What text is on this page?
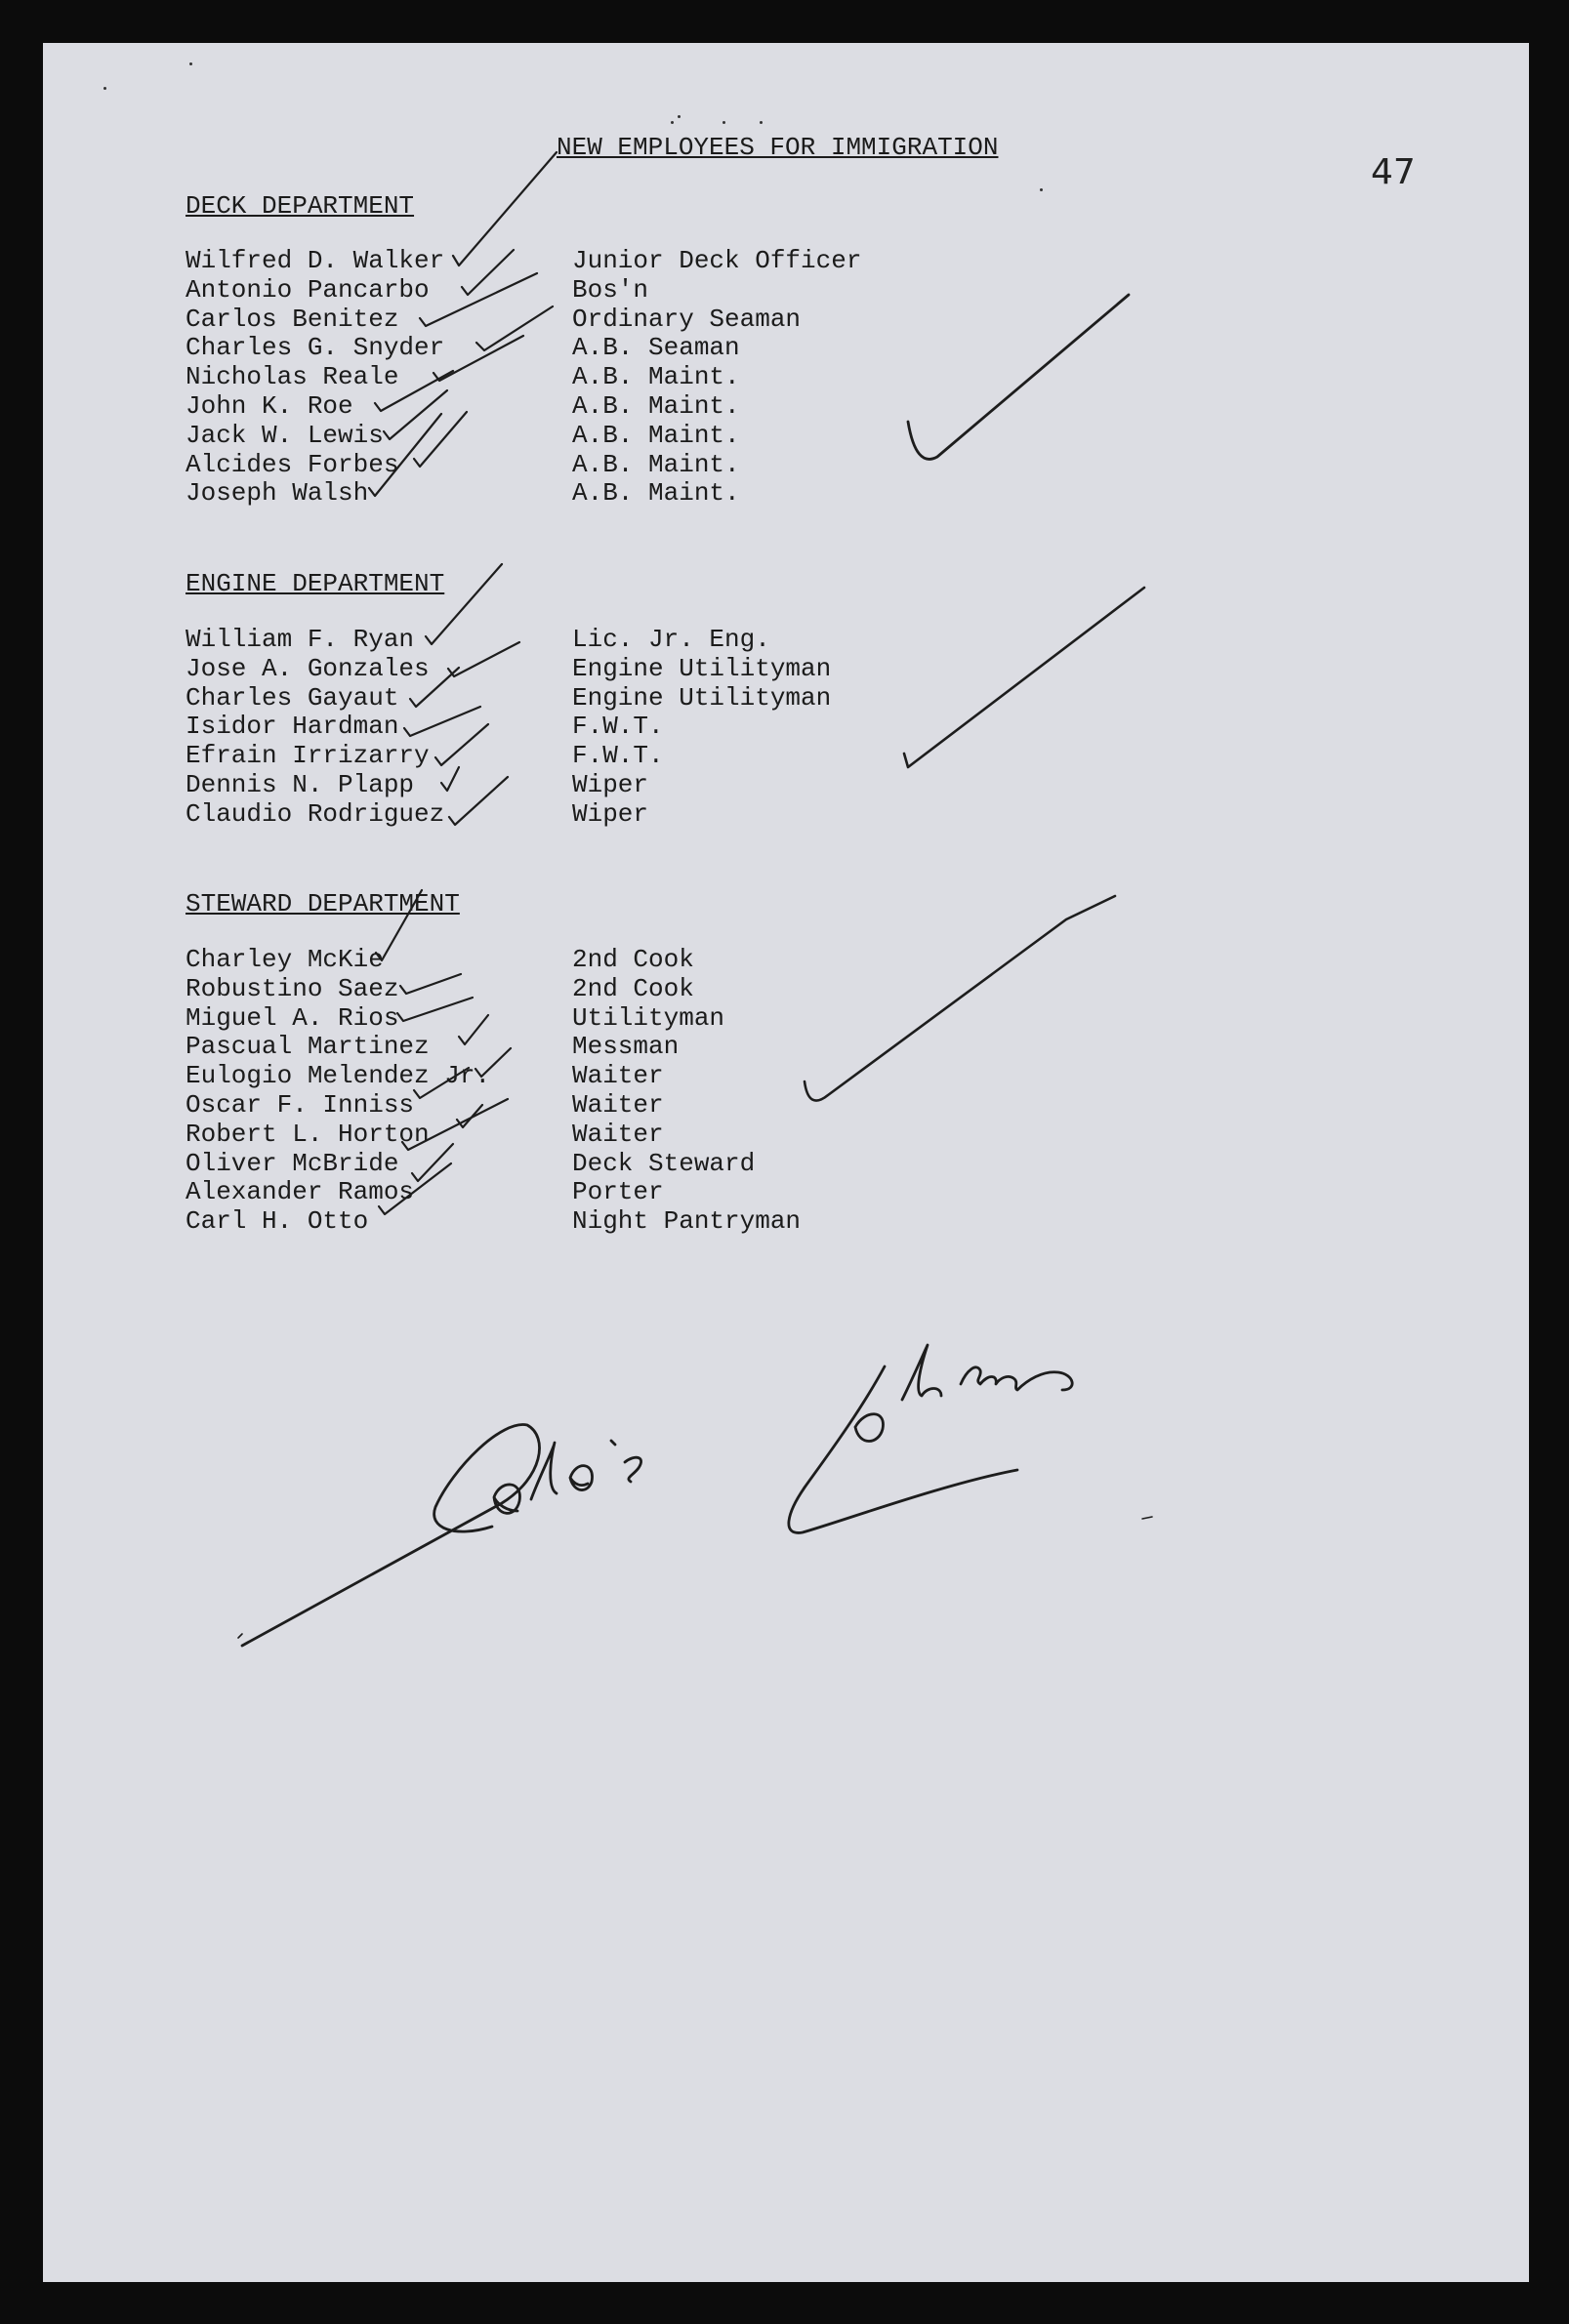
NEW EMPLOYEES FOR IMMIGRATION
47
DECK DEPARTMENT
Wilfred D. Walker
Antonio Pancarbo
Carlos Benitez
Charles G. Snyder
Nicholas Reale
John K. Roe
Jack W. Lewis
Alcides Forbes
Joseph Walsh
Junior Deck Officer
Bos'n
Ordinary Seaman
A.B. Seaman
A.B. Maint.
A.B. Maint.
A.B. Maint.
A.B. Maint.
A.B. Maint.
ENGINE DEPARTMENT
William F. Ryan
Jose A. Gonzales
Charles Gayaut
Isidor Hardman
Efrain Irrizarry
Dennis N. Plapp
Claudio Rodriguez
Lic. Jr. Eng.
Engine Utilityman
Engine Utilityman
F.W.T.
F.W.T.
Wiper
Wiper
STEWARD DEPARTMENT
Charley McKie
Robustino Saez
Miguel A. Rios
Pascual Martinez
Eulogio Melendez Jr.
Oscar F. Inniss
Robert L. Horton
Oliver McBride
Alexander Ramos
Carl H. Otto
2nd Cook
2nd Cook
Utilityman
Messman
Waiter
Waiter
Waiter
Deck Steward
Porter
Night Pantryman
